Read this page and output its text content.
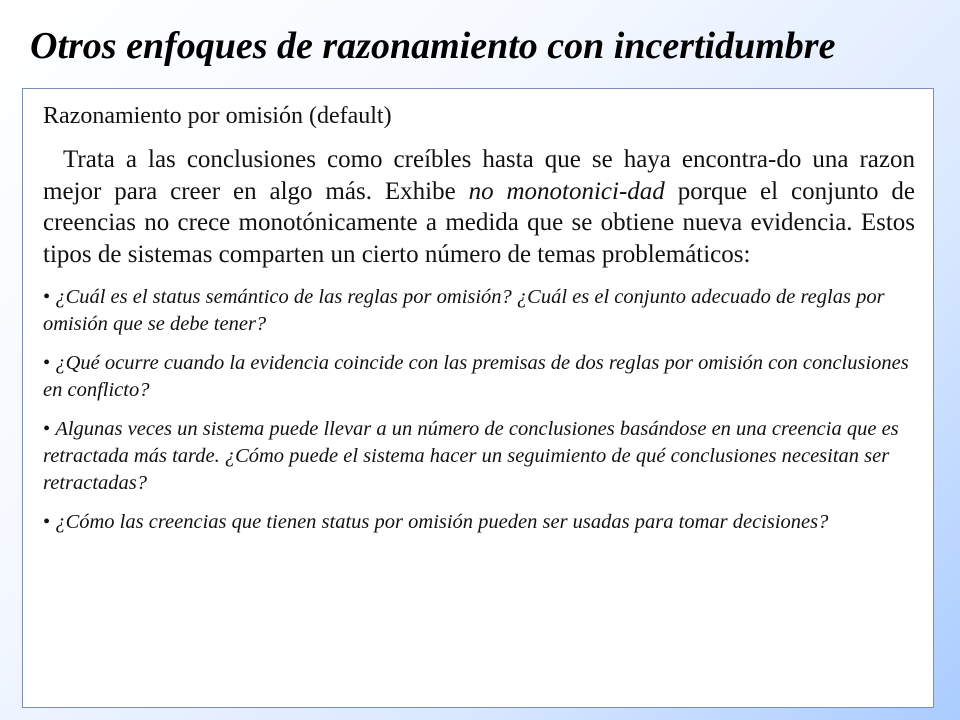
Otros enfoques de razonamiento con incertidumbre
Razonamiento por omisión (default)

Trata a las conclusiones como creíbles hasta que se haya encontra-do una razon mejor para creer en algo más. Exhibe no monotonici-dad porque el conjunto de creencias no crece monotónicamente a medida que se obtiene nueva evidencia. Estos tipos de sistemas comparten un cierto número de temas problemáticos:

• ¿Cuál es el status semántico de las reglas por omisión? ¿Cuál es el conjunto adecuado de reglas por omisión que se debe tener?
• ¿Qué ocurre cuando la evidencia coincide con las premisas de dos reglas por omisión con conclusiones en conflicto?
• Algunas veces un sistema puede llevar a un número de conclusiones basándose en una creencia que es retractada más tarde. ¿Cómo puede el sistema hacer un seguimiento de qué conclusiones necesitan ser retractadas?
• ¿Cómo las creencias que tienen status por omisión pueden ser usadas para tomar decisiones?
